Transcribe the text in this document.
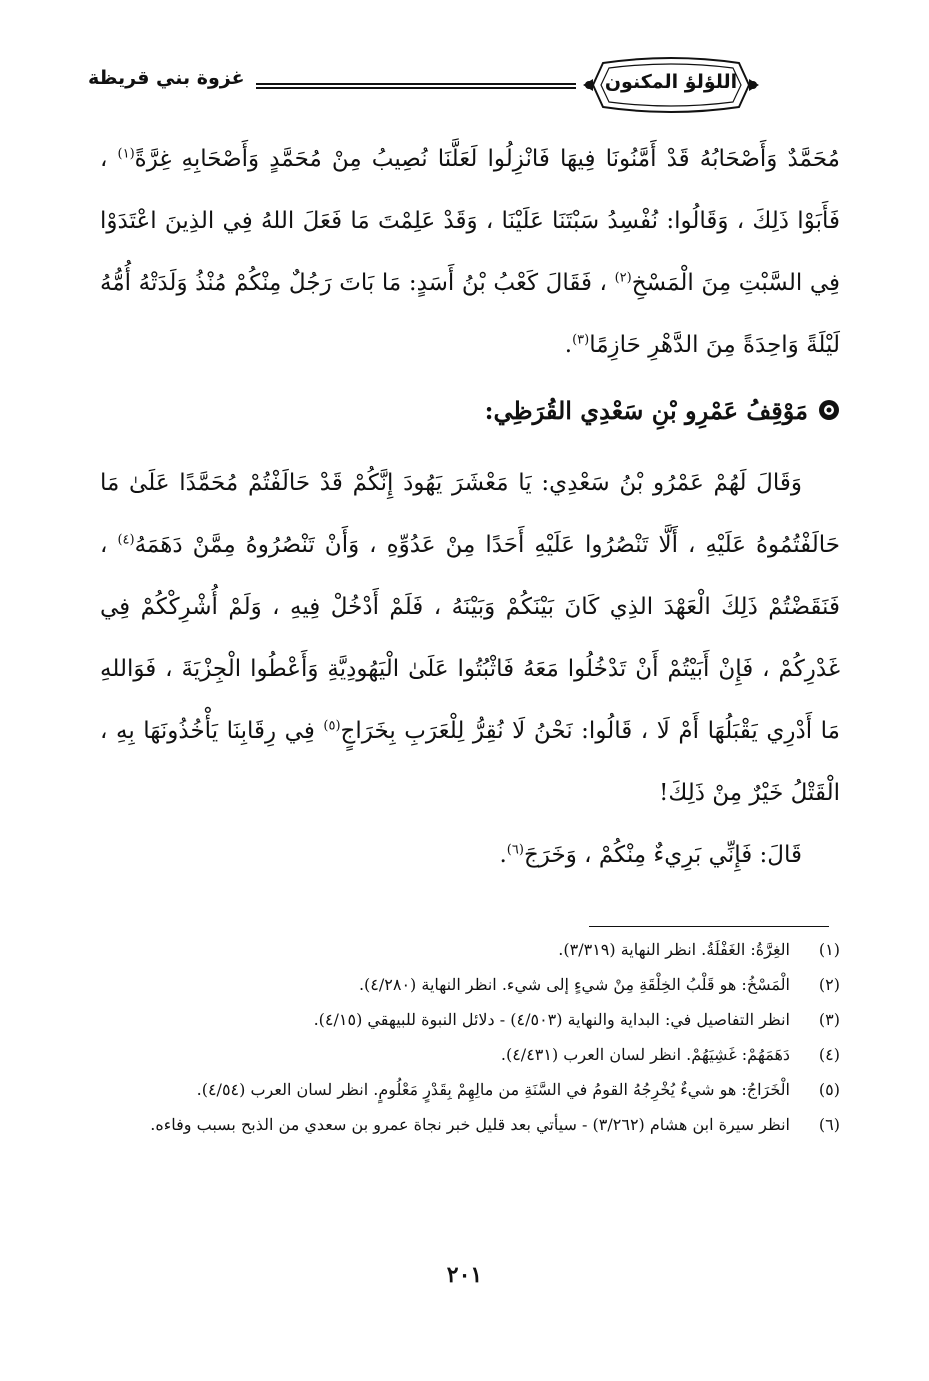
غزوة بني قريظة	اللؤلؤ المكنون

مُحَمَّدٌ وَأَصْحَابُهُ قَدْ أَمَّنُونَا فِيهَا فَانْزِلُوا لَعَلَّنَا نُصِيبُ مِنْ مُحَمَّدٍ وَأَصْحَابِهِ غِرَّةً$^{(١)}$ ، فَأَبَوْا ذَلِكَ ، وَقَالُوا: نُفْسِدُ سَبْتَنَا عَلَيْنَا ، وَقَدْ عَلِمْتَ مَا فَعَلَ اللهُ فِي الذِينَ اعْتَدَوْا فِي السَّبْتِ مِنَ الْمَسْخِ$^{(٢)}$ ، فَقَالَ كَعْبُ بْنُ أَسَدٍ: مَا بَاتَ رَجُلٌ مِنْكُمْ مُنْذُ وَلَدَتْهُ أُمُّهُ لَيْلَةً وَاحِدَةً مِنَ الدَّهْرِ حَازِمًا$^{(٣)}$.

مَوْقِفُ عَمْرِو بْنِ سَعْدِي القُرَظِي:

وَقَالَ لَهُمْ عَمْرُو بْنُ سَعْدِي: يَا مَعْشَرَ يَهُودَ إِنَّكُمْ قَدْ حَالَفْتُمْ مُحَمَّدًا عَلَىٰ مَا حَالَفْتُمُوهُ عَلَيْهِ ، أَلَّا تَنْصُرُوا عَلَيْهِ أَحَدًا مِنْ عَدُوِّهِ ، وَأَنْ تَنْصُرُوهُ مِمَّنْ دَهَمَهُ$^{(٤)}$ ، فَنَقَضْتُمْ ذَلِكَ الْعَهْدَ الذِي كَانَ بَيْنَكُمْ وَبَيْنَهُ ، فَلَمْ أَدْخُلْ فِيهِ ، وَلَمْ أُشْرِكْكُمْ فِي غَدْرِكُمْ ، فَإِنْ أَبَيْتُمْ أَنْ تَدْخُلُوا مَعَهُ فَاثْبُتُوا عَلَىٰ الْيَهُودِيَّةِ وَأَعْطُوا الْجِزْيَةَ ، فَوَاللهِ مَا أَدْرِي يَقْبَلُهَا أَمْ لَا ، قَالُوا: نَحْنُ لَا نُقِرُّ لِلْعَرَبِ بِخَرَاجٍ$^{(٥)}$ فِي رِقَابِنَا يَأْخُذُونَهَا بِهِ ، الْقَتْلُ خَيْرٌ مِنْ ذَلِكَ!

قَالَ: فَإِنِّي بَرِيءٌ مِنْكُمْ ، وَخَرَجَ$^{(٦)}$.

(١)
الغِرَّةُ: الغَفْلَةُ. انظر النهاية (٣/٣١٩).
(٢)
الْمَسْخُ: هو قَلْبُ الخِلْقَةِ مِنْ شيءٍ إلى شيء. انظر النهاية (٤/٢٨٠).
(٣)
انظر التفاصيل في: البداية والنهاية (٤/٥٠٣) - دلائل النبوة للبيهقي (٤/١٥).
(٤)
دَهَمَهُمْ: غَشِيَهُمْ. انظر لسان العرب (٤/٤٣١).
(٥)
الْخَرَاجُ: هو شيءٌ يُخْرِجُهُ القومُ في السَّنَةِ من مالِهِمْ بِقَدْرٍ مَعْلُومٍ. انظر لسان العرب (٤/٥٤).
(٦)
انظر سيرة ابن هشام (٣/٢٦٢) - سيأتي بعد قليل خبر نجاة عمرو بن سعدي من الذبح بسبب وفاءه.
٢٠١
